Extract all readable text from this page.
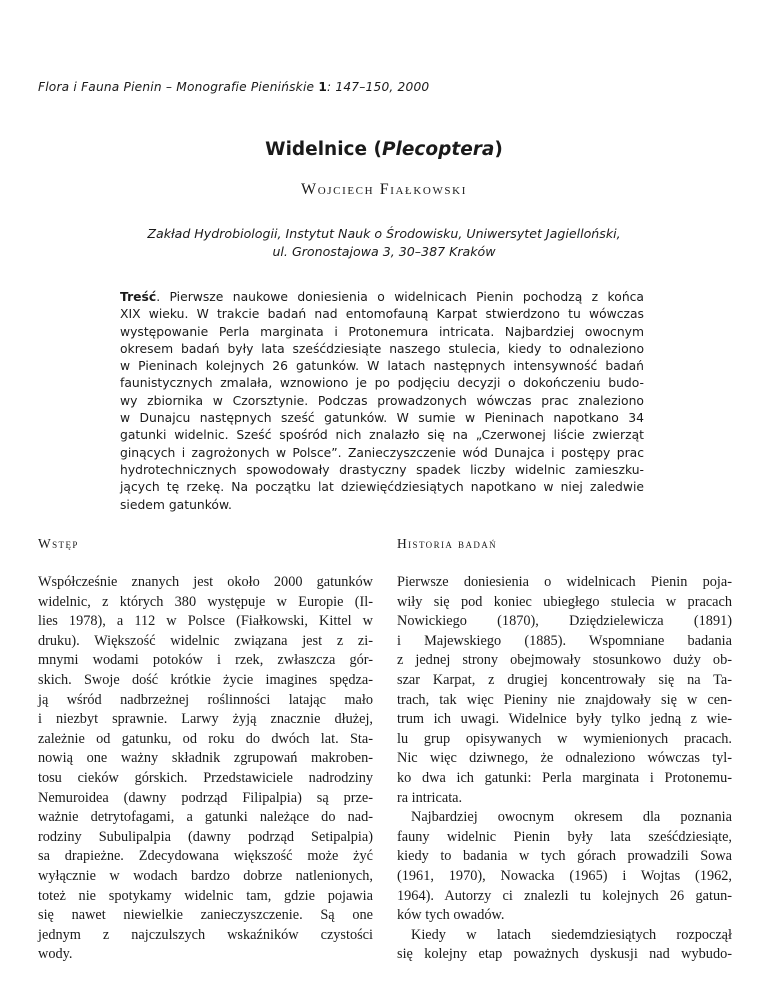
Flora i Fauna Pienin – Monografie Pienińskie 1: 147–150, 2000
Widelnice (Plecoptera)
Wojciech Fiałkowski
Zakład Hydrobiologii, Instytut Nauk o Środowisku, Uniwersytet Jagielloński,
ul. Gronostajowa 3, 30–387 Kraków
Treść. Pierwsze naukowe doniesienia o widelnicach Pienin pochodzą z końca
XIX wieku. W trakcie badań nad entomofauną Karpat stwierdzono tu wówczas
występowanie Perla marginata i Protonemura intricata. Najbardziej owocnym
okresem badań były lata sześćdziesiąte naszego stulecia, kiedy to odnaleziono
w Pieninach kolejnych 26 gatunków. W latach następnych intensywność badań
faunistycznych zmalała, wznowiono je po podjęciu decyzji o dokończeniu budo-
wy zbiornika w Czorsztynie. Podczas prowadzonych wówczas prac znaleziono
w Dunajcu następnych sześć gatunków. W sumie w Pieninach napotkano 34
gatunki widelnic. Sześć spośród nich znalazło się na „Czerwonej liście zwierząt
ginących i zagrożonych w Polsce”. Zanieczyszczenie wód Dunajca i postępy prac
hydrotechnicznych spowodowały drastyczny spadek liczby widelnic zamieszku-
jących tę rzekę. Na początku lat dziewięćdziesiątych napotkano w niej zaledwie
siedem gatunków.
Wstęp	Historia badań
Współcześnie znanych jest około 2000 gatunków
widelnic, z których 380 występuje w Europie (Il-
lies 1978), a 112 w Polsce (Fiałkowski, Kittel w
druku). Większość widelnic związana jest z zi-
mnymi wodami potoków i rzek, zwłaszcza gór-
skich. Swoje dość krótkie życie imagines spędza-
ją wśród nadbrzeżnej roślinności latając mało
i niezbyt sprawnie. Larwy żyją znacznie dłużej,
zależnie od gatunku, od roku do dwóch lat. Sta-
nowią one ważny składnik zgrupowań makroben-
tosu cieków górskich. Przedstawiciele nadrodziny
Nemuroidea (dawny podrząd Filipalpia) są prze-
ważnie detrytofagami, a gatunki należące do nad-
rodziny Subulipalpia (dawny podrząd Setipalpia)
sa drapieżne. Zdecydowana większość może żyć
wyłącznie w wodach bardzo dobrze natlenionych,
toteż nie spotykamy widelnic tam, gdzie pojawia
się nawet niewielkie zanieczyszczenie. Są one
jednym z najczulszych wskaźników czystości
wody.
Pierwsze doniesienia o widelnicach Pienin poja-
wiły się pod koniec ubiegłego stulecia w pracach
Nowickiego (1870), Dziędzielewicza (1891)
i Majewskiego (1885). Wspomniane badania
z jednej strony obejmowały stosunkowo duży ob-
szar Karpat, z drugiej koncentrowały się na Ta-
trach, tak więc Pieniny nie znajdowały się w cen-
trum ich uwagi. Widelnice były tylko jedną z wie-
lu grup opisywanych w wymienionych pracach.
Nic więc dziwnego, że odnaleziono wówczas tyl-
ko dwa ich gatunki: Perla marginata i Protonemu-
ra intricata.
Najbardziej owocnym okresem dla poznania
fauny widelnic Pienin były lata sześćdziesiąte,
kiedy to badania w tych górach prowadzili Sowa
(1961, 1970), Nowacka (1965) i Wojtas (1962,
1964). Autorzy ci znalezli tu kolejnych 26 gatun-
ków tych owadów.
Kiedy w latach siedemdziesiątych rozpoczął
się kolejny etap poważnych dyskusji nad wybudo-
